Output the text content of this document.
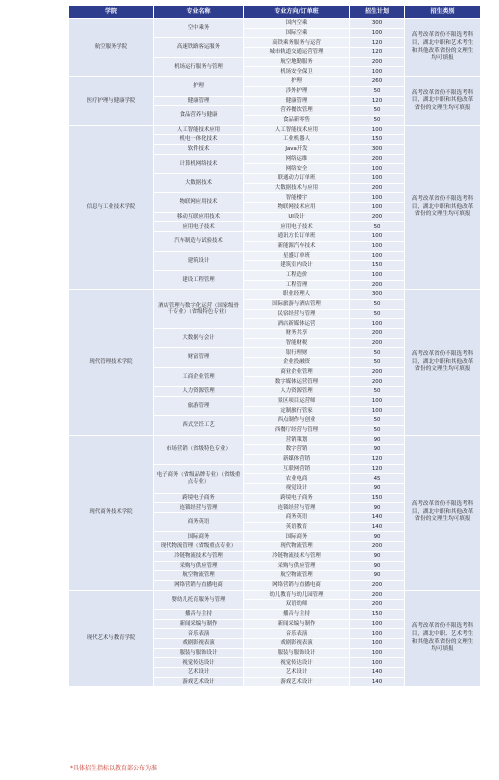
学院	专业名称	专业方向/订单班	招生计划	招生类别
航空服务学院	空中乘务	国内空乘	300	高考改革省份不限选考科目，湖北中职和艺术考生和其他改革省份的文理生均可填报
		国际空乘	100	
	高速铁路客运服务	高铁乘务服务与运营	120	
		城市轨道交通运营管理	120	
	机场运行服务与管理	航空地勤服务	200	
		机场安全保卫	100	
医疗护理与健康学院	护理	护理	260	高考改革省份不限选考科目，湖北中职和其他改革省份的文理生均可填报
		涉外护理	50	
	健康管理	健康管理	120	
	食品营养与健康	营养餐饮管理	50	
		食品新零售	50	
信息与工业技术学院	人工智能技术应用	人工智能技术应用	100	高考改革省份不限选考科目，湖北中职和其他改革省份的文理生均可填报
	机电一体化技术	工业机器人	150	
	软件技术	Java开发	300	
	计算机网络技术	网络运维	200	
		网络安全	100	
	大数据技术	联通动力订单班	100	
		大数据技术与应用	200	
	物联网应用技术	智能楼宇	100	
		物联网技术应用	100	
	移动互联应用技术	UI设计	200	
	应用电子技术	应用电子技术	50	
	汽车制造与试验技术	通讯方长订单班	100	
		新能源汽车技术	100	
	建筑设计	星盛订单班	100	
		建筑室内设计	150	
	建设工程管理	工程造价	100	
		工程管理	200	
现代管理技术学院	酒店管理与数字化运营（国家级骨干专业）（省级特色专业）	职业经理人	300	高考改革省份不限选考科目，湖北中职和其他改革省份的文理生均可填报
		国际旅游与酒店管理	50	
		民宿经营与管理	50	
		酒店新媒体运营	100	
	大数据与会计	财务共享	200	
		智能财税	200	
	财富管理	银行理财	50	
		企业投融资	50	
	工商企业管理	商业企业管理	200	
		数字媒体运营管理	200	
	人力资源管理	人力资源管理	50	
	旅游管理	景区项目运营师	100	
		定制旅行管家	100	
	西式烹饪工艺	西点制作与创业	50	
		西餐厅经营与管理	50	
现代商务技术学院	市场营销（省级特色专业）	营销策划	90	高考改革省份不限选考科目，湖北中职和其他改革省份的文理生均可填报
		数字营销	90	
		新媒体营销	120	
	电子商务（省级品牌专业）（省级重点专业）	互联网营销	120	
		农业电商	45	
		视觉设计	90	
	跨境电子商务	跨境电子商务	150	
	连锁经营与管理	连锁经营与管理	90	
	商务英语	商务英语	140	
		英语教育	140	
	国际商务	国际商务	90	
	现代物流管理（省级重点专业）	现代物流管理	200	
	冷链物流技术与管理	冷链物流技术与管理	90	
	采购与供应管理	采购与供应管理	90	
	航空物流管理	航空物流管理	90	
	网络营销与直播电商	网络营销与直播电商	200	
现代艺术与教育学院	婴幼儿托育服务与管理	幼儿教育与幼儿园管理	200	高考改革省份不限选考科目，湖北中职、艺术考生和其他改革省份的文理生均可填报
		双语幼师	200	
	播音与主持	播音与主持	150	
	新闻采编与制作	新闻采编与制作	100	
	音乐表演	音乐表演	100	
	戏剧影视表演	戏剧影视表演	100	
	服装与服饰设计	服装与服饰设计	100	
	视觉传达设计	视觉传达设计	100	
	艺术设计	艺术设计	140	
	游戏艺术设计	游戏艺术设计	140	
*具体招生指标以教育部公布为准
